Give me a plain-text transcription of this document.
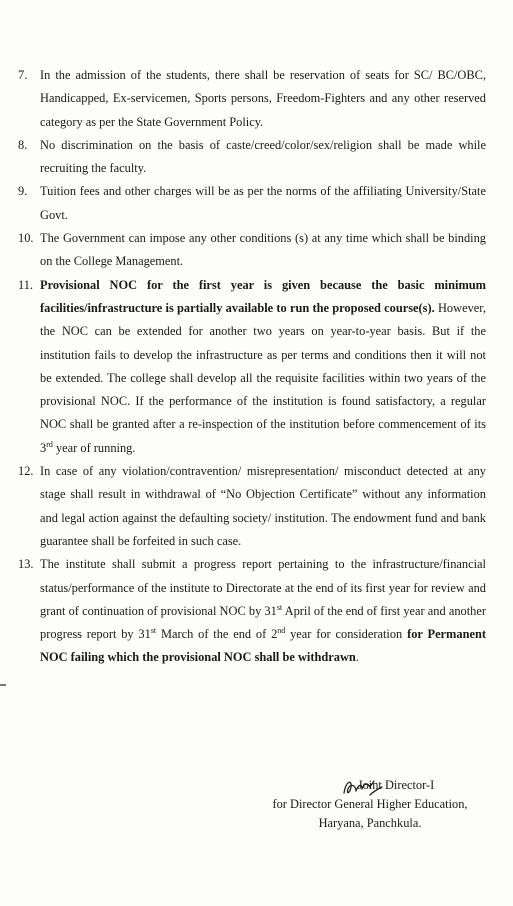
7.	In the admission of the students, there shall be reservation of seats for SC/ BC/OBC, Handicapped, Ex-servicemen, Sports persons, Freedom-Fighters and any other reserved category as per the State Government Policy.
8.	No discrimination on the basis of caste/creed/color/sex/religion shall be made while recruiting the faculty.
9.	Tuition fees and other charges will be as per the norms of the affiliating University/State Govt.
10. The Government can impose any other conditions (s) at any time which shall be binding on the College Management.
11. Provisional NOC for the first year is given because the basic minimum facilities/infrastructure is partially available to run the proposed course(s). However, the NOC can be extended for another two years on year-to-year basis. But if the institution fails to develop the infrastructure as per terms and conditions then it will not be extended. The college shall develop all the requisite facilities within two years of the provisional NOC. If the performance of the institution is found satisfactory, a regular NOC shall be granted after a re-inspection of the institution before commencement of its 3rd year of running.
12. In case of any violation/contravention/ misrepresentation/ misconduct detected at any stage shall result in withdrawal of “No Objection Certificate” without any information and legal action against the defaulting society/ institution. The endowment fund and bank guarantee shall be forfeited in such case.
13. The institute shall submit a progress report pertaining to the infrastructure/financial status/performance of the institute to Directorate at the end of its first year for review and grant of continuation of provisional NOC by 31st April of the end of first year and another progress report by 31st March of the end of 2nd year for consideration for Permanent NOC failing which the provisional NOC shall be withdrawn.
Joint Director-I
for Director General Higher Education,
Haryana, Panchkula.
